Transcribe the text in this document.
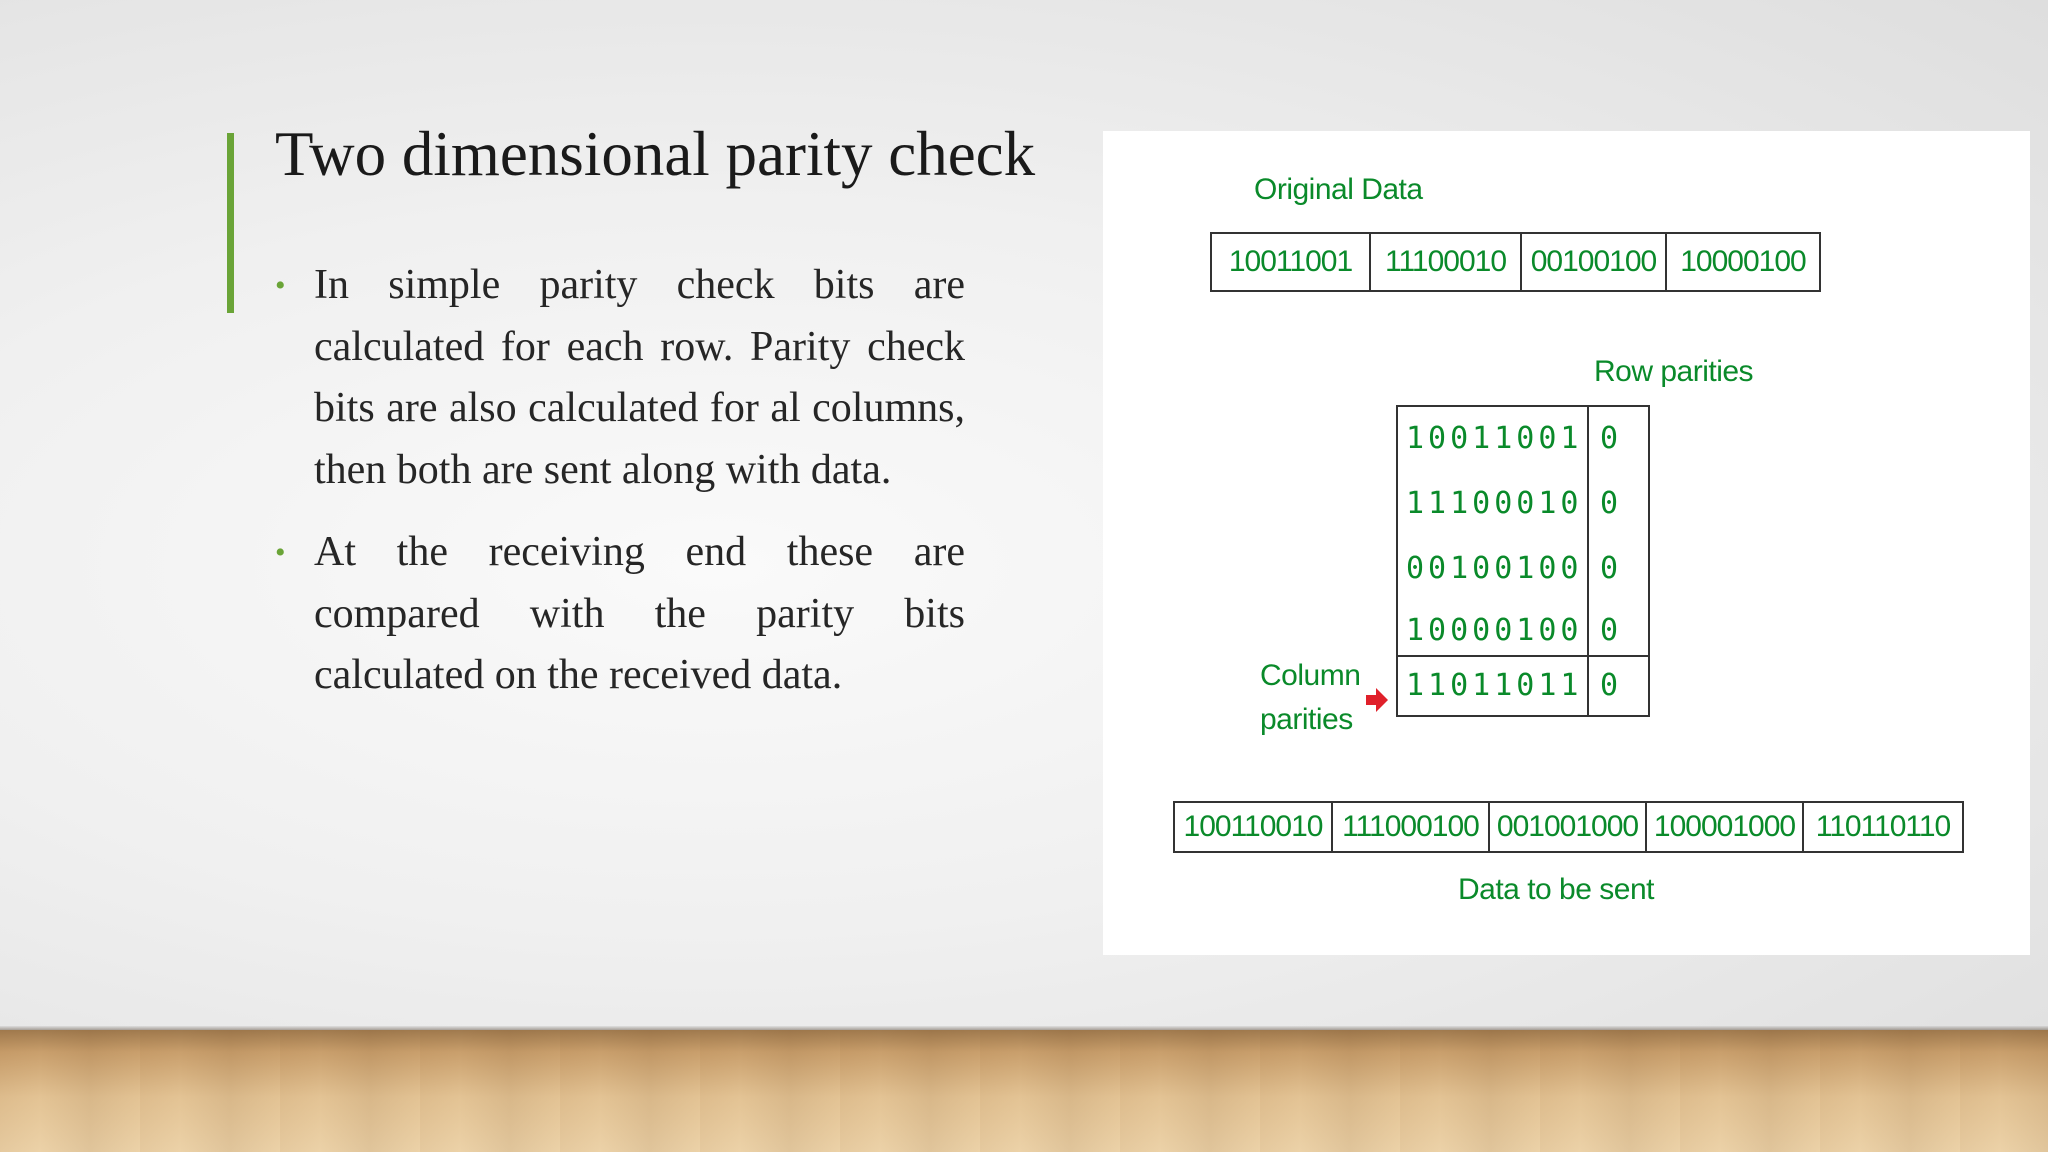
Two dimensional parity check
• In simple parity check bits are calculated for each row. Parity check bits are also calculated for al columns, then both are sent along with data.
• At the receiving end these are compared with the parity bits calculated on the received data.
Original Data
10011001	11100010 00100100 10000100
Row parities
10011001 0
11100010 0
00100100 0
10000100 0
11011011 0
Column
parities
100110010 111000100 001001000 100001000 110110110
Data to be sent
